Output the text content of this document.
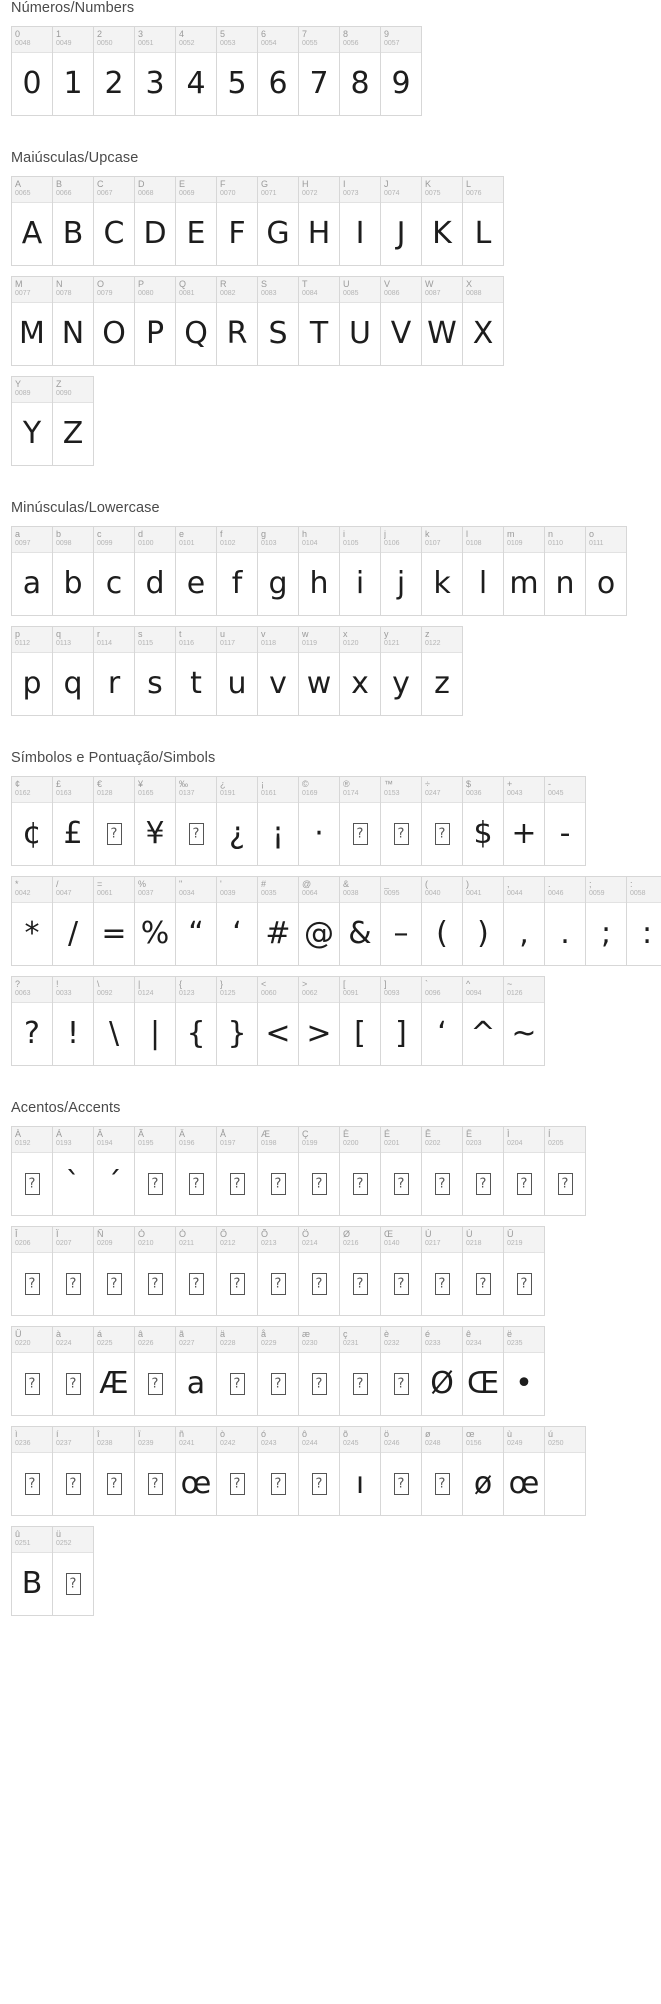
Números/Numbers
0
0048
0
1
0049
1
2
0050
2
3
0051
3
4
0052
4
5
0053
5
6
0054
6
7
0055
7
8
0056
8
9
0057
9
Maiúsculas/Upcase
A
0065
A
B
0066
B
C
0067
C
D
0068
D
E
0069
E
F
0070
F
G
0071
G
H
0072
H
I
0073
I
J
0074
J
K
0075
K
L
0076
L
M
0077
M
N
0078
N
O
0079
O
P
0080
P
Q
0081
Q
R
0082
R
S
0083
S
T
0084
T
U
0085
U
V
0086
V
W
0087
W
X
0088
X
Y
0089
Y
Z
0090
Z
Minúsculas/Lowercase
a
0097
a
b
0098
b
c
0099
c
d
0100
d
e
0101
e
f
0102
f
g
0103
g
h
0104
h
i
0105
i
j
0106
j
k
0107
k
l
0108
l
m
0109
m
n
0110
n
o
0111
o
p
0112
p
q
0113
q
r
0114
r
s
0115
s
t
0116
t
u
0117
u
v
0118
v
w
0119
w
x
0120
x
y
0121
y
z
0122
z
Símbolos e Pontuação/Simbols
¢
0162
¢
£
0163
£
€
0128
?
¥
0165
¥
‰
0137
?
¿
0191
¿
¡
0161
¡
©
0169
·
®
0174
?
™
0153
?
÷
0247
?
$
0036
$
+
0043
+
-
0045
-
*
0042
*
/
0047
/
=
0061
=
%
0037
%
"
0034
“
'
0039
‘
#
0035
#
@
0064
@
&
0038
&
_
0095
–
(
0040
(
)
0041
)
,
0044
,
.
0046
.
;
0059
;
:
0058
:
?
0063
?
!
0033
!
\
0092
\
|
0124
|
{
0123
{
}
0125
}
<
0060
<
>
0062
>
[
0091
[
]
0093
]
`
0096
‘
^
0094
^
~
0126
~
Acentos/Accents
À
0192
?
Á
0193
`
Â
0194
´
Ã
0195
?
Ä
0196
?
Å
0197
?
Æ
0198
?
Ç
0199
?
È
0200
?
É
0201
?
Ê
0202
?
Ë
0203
?
Ì
0204
?
Í
0205
?
Î
0206
?
Ï
0207
?
Ñ
0209
?
Ò
0210
?
Ó
0211
?
Ô
0212
?
Õ
0213
?
Ö
0214
?
Ø
0216
?
Œ
0140
?
Ù
0217
?
Ú
0218
?
Û
0219
?
Ü
0220
?
à
0224
?
á
0225
Æ
â
0226
?
ã
0227
a
ä
0228
?
å
0229
?
æ
0230
?
ç
0231
?
è
0232
?
é
0233
Ø
ê
0234
Œ
ë
0235
•
ì
0236
?
í
0237
?
î
0238
?
ï
0239
?
ñ
0241
œ
ò
0242
?
ó
0243
?
ô
0244
?
õ
0245
ı
ö
0246
?
ø
0248
?
œ
0156
ø
ù
0249
œ
ú
0250
û
0251
B
ü
0252
?
